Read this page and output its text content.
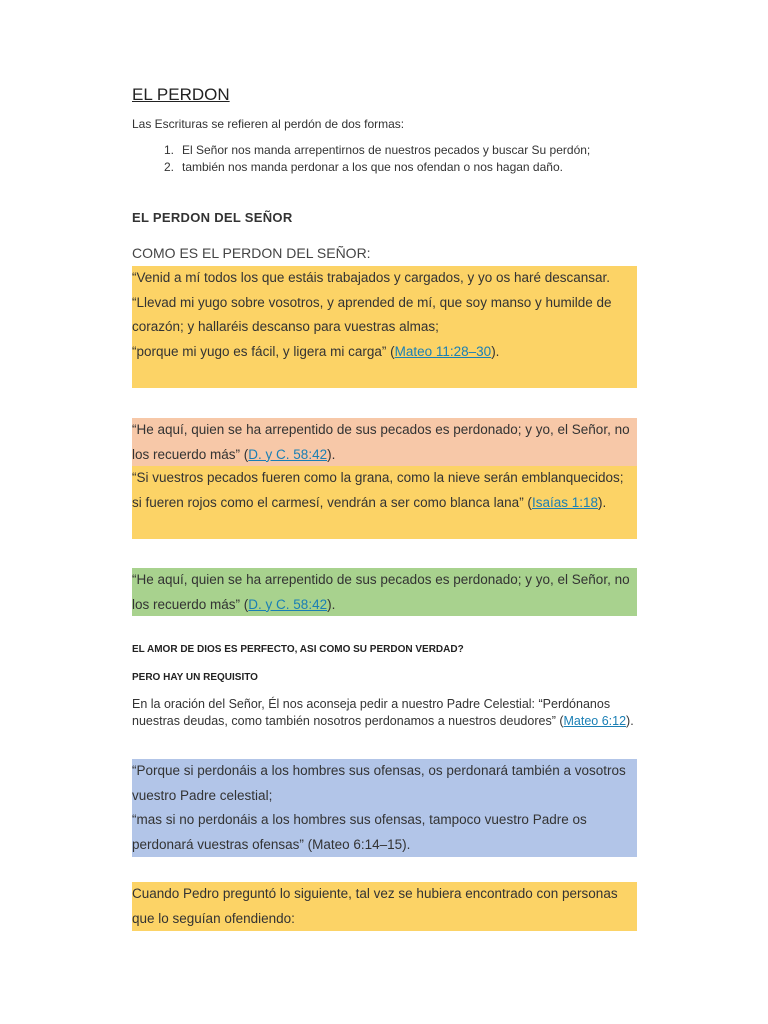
EL PERDON
Las Escrituras se refieren al perdón de dos formas:
1. El Señor nos manda arrepentirnos de nuestros pecados y buscar Su perdón;
2. también nos manda perdonar a los que nos ofendan o nos hagan daño.
EL PERDON DEL SEÑOR
COMO ES EL PERDON DEL SEÑOR:

“Venid a mí todos los que estáis trabajados y cargados, y yo os haré descansar.

“Llevad mi yugo sobre vosotros, y aprended de mí, que soy manso y humilde de corazón; y hallaréis descanso para vuestras almas;

“porque mi yugo es fácil, y ligera mi carga” (Mateo 11:28–30).

“He aquí, quien se ha arrepentido de sus pecados es perdonado; y yo, el Señor, no los recuerdo más” (D. y C. 58:42).

“Si vuestros pecados fueren como la grana, como la nieve serán emblanquecidos; si fueren rojos como el carmesí, vendrán a ser como blanca lana” (Isaías 1:18).

“He aquí, quien se ha arrepentido de sus pecados es perdonado; y yo, el Señor, no los recuerdo más” (D. y C. 58:42).

EL AMOR DE DIOS ES PERFECTO, ASI COMO SU PERDON VERDAD?
PERO HAY UN REQUISITO
En la oración del Señor, Él nos aconseja pedir a nuestro Padre Celestial: “Perdónanos nuestras deudas, como también nosotros perdonamos a nuestros deudores” (Mateo 6:12).

“Porque si perdonáis a los hombres sus ofensas, os perdonará también a vosotros vuestro Padre celestial;

“mas si no perdonáis a los hombres sus ofensas, tampoco vuestro Padre os perdonará vuestras ofensas” (Mateo 6:14–15).

Cuando Pedro preguntó lo siguiente, tal vez se hubiera encontrado con personas que lo seguían ofendiendo:
